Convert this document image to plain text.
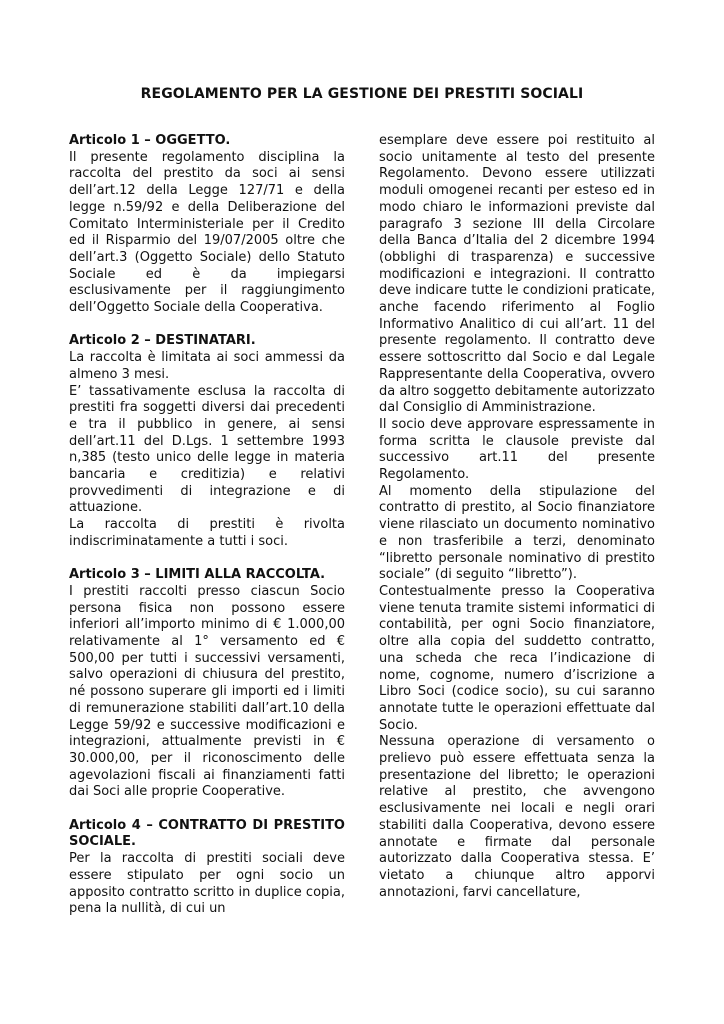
REGOLAMENTO PER LA GESTIONE DEI PRESTITI SOCIALI

Articolo 1 – OGGETTO.

Il presente regolamento disciplina la raccolta del prestito da soci ai sensi dell’art.12 della Legge 127/71 e della legge n.59/92 e della Deliberazione del Comitato Interministeriale per il Credito ed il Risparmio del 19/07/2005 oltre che dell’art.3 (Oggetto Sociale) dello Statuto Sociale ed è da impiegarsi esclusivamente per il raggiungimento dell’Oggetto Sociale della Cooperativa.

Articolo 2 – DESTINATARI.

La raccolta è limitata ai soci ammessi da almeno 3 mesi.

E’ tassativamente esclusa la raccolta di prestiti fra soggetti diversi dai precedenti e tra il pubblico in genere, ai sensi dell’art.11 del D.Lgs. 1 settembre 1993 n,385 (testo unico delle legge in materia bancaria e creditizia) e relativi provvedimenti di integrazione e di attuazione.

La raccolta di prestiti è rivolta indiscriminatamente a tutti i soci.

Articolo 3 – LIMITI ALLA RACCOLTA.

I prestiti raccolti presso ciascun Socio persona fisica non possono essere inferiori all’importo minimo di € 1.000,00 relativamente al 1° versamento ed € 500,00 per tutti i successivi versamenti, salvo operazioni di chiusura del prestito, né possono superare gli importi ed i limiti di remunerazione stabiliti dall’art.10 della Legge 59/92 e successive modificazioni e integrazioni, attualmente previsti in € 30.000,00, per il riconoscimento delle agevolazioni fiscali ai finanziamenti fatti dai Soci alle proprie Cooperative.

Articolo 4 – CONTRATTO DI PRESTITO SOCIALE.

Per la raccolta di prestiti sociali deve essere stipulato per ogni socio un apposito contratto scritto in duplice copia, pena la nullità, di cui un

esemplare deve essere poi restituito al socio unitamente al testo del presente Regolamento. Devono essere utilizzati moduli omogenei recanti per esteso ed in modo chiaro le informazioni previste dal paragrafo 3 sezione III della Circolare della Banca d’Italia del 2 dicembre 1994 (obblighi di trasparenza) e successive modificazioni e integrazioni. Il contratto deve indicare tutte le condizioni praticate, anche facendo riferimento al Foglio Informativo Analitico di cui all’art. 11 del presente regolamento. Il contratto deve essere sottoscritto dal Socio e dal Legale Rappresentante della Cooperativa, ovvero da altro soggetto debitamente autorizzato dal Consiglio di Amministrazione.

Il socio deve approvare espressamente in forma scritta le clausole previste dal successivo art.11 del presente Regolamento.

Al momento della stipulazione del contratto di prestito, al Socio finanziatore viene rilasciato un documento nominativo e non trasferibile a terzi, denominato “libretto personale nominativo di prestito sociale” (di seguito “libretto”).

Contestualmente presso la Cooperativa viene tenuta tramite sistemi informatici di contabilità, per ogni Socio finanziatore, oltre alla copia del suddetto contratto, una scheda che reca l’indicazione di nome, cognome, numero d’iscrizione a Libro Soci (codice socio), su cui saranno annotate tutte le operazioni effettuate dal Socio.

Nessuna operazione di versamento o prelievo può essere effettuata senza la presentazione del libretto; le operazioni relative al prestito, che avvengono esclusivamente nei locali e negli orari stabiliti dalla Cooperativa, devono essere annotate e firmate dal personale autorizzato dalla Cooperativa stessa. E’ vietato a chiunque altro apporvi annotazioni, farvi cancellature,
